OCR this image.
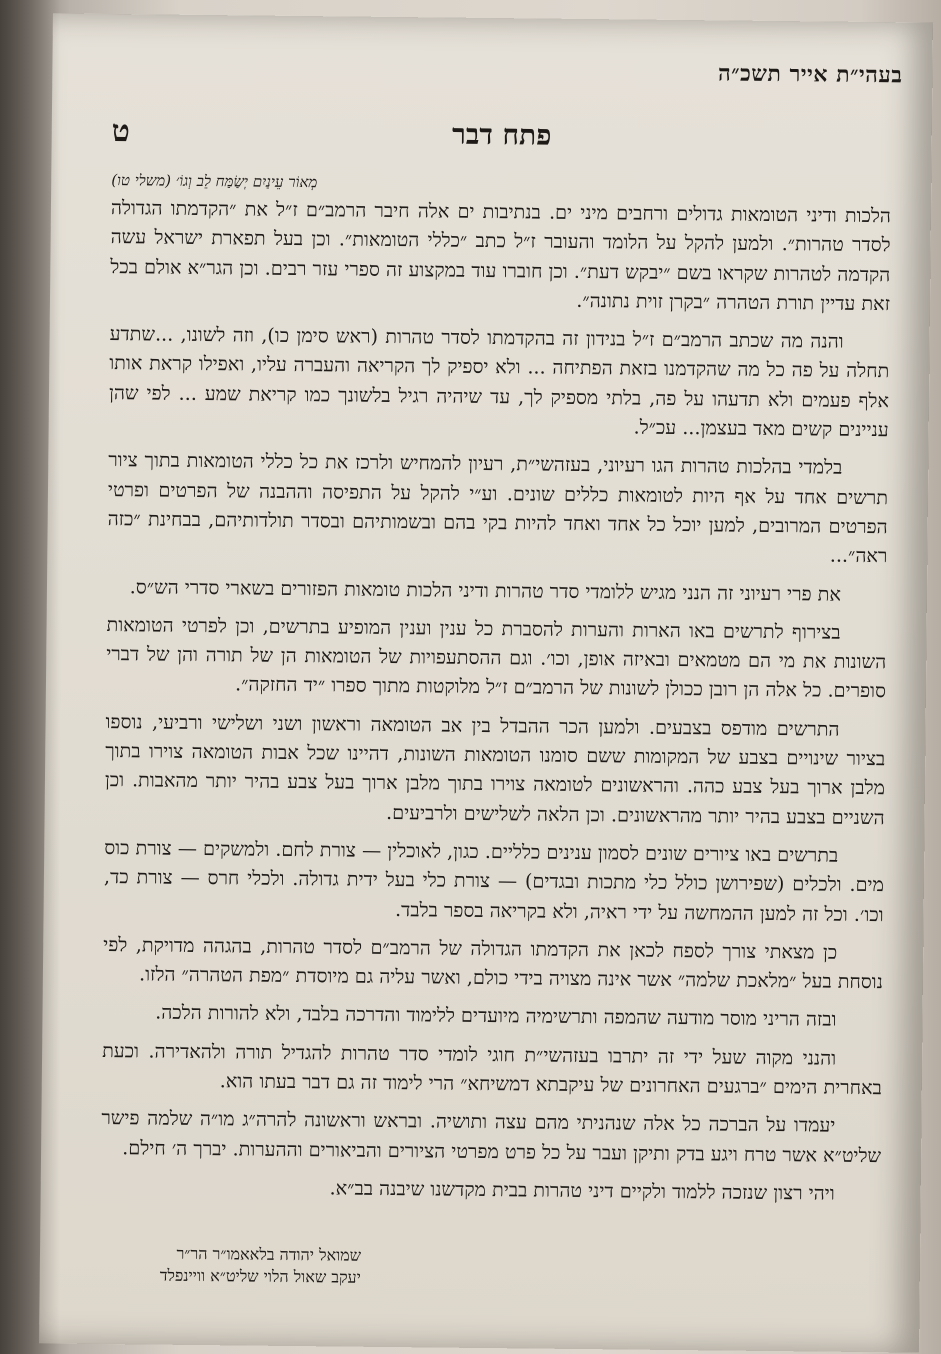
בעהי״ת אייר תשכ״ה
ט	פתח דבר

מְאוֹר עֵינַיִם יְשַׂמַּח לֵב וְגוֹ׳ (משלי טו)

הלכות ודיני הטומאות גדולים ורחבים מיני ים. בנתיבות ים אלה חיבר הרמב״ם ז״ל את ״הקדמתו הגדולה לסדר טהרות״. ולמען להקל על הלומד והעובר ז״ל כתב ״כללי הטומאות״. וכן בעל תפארת ישראל עשה הקדמה לטהרות שקראו בשם ״יבקש דעת״. וכן חוברו עוד במקצוע זה ספרי עזר רבים. וכן הגר״א אולם בכל זאת עדיין תורת הטהרה ״בקרן זוית נתונה״.

והנה מה שכתב הרמב״ם ז״ל בנידון זה בהקדמתו לסדר טהרות (ראש סימן כו), וזה לשונו, ...שתדע תחלה על פה כל מה שהקדמנו בזאת הפתיחה ... ולא יספיק לך הקריאה והעברה עליו, ואפילו קראת אותו אלף פעמים ולא תדעהו על פה, בלתי מספיק לך, עד שיהיה רגיל בלשונך כמו קריאת שמע ... לפי שהן עניינים קשים מאד בעצמן... עכ״ל.

בלמדי בהלכות טהרות הגו רעיוני, בעזהשי״ת, רעיון להמחיש ולרכז את כל כללי הטומאות בתוך ציור תרשים אחד על אף היות לטומאות כללים שונים. וע״י להקל על התפיסה וההבנה של הפרטים ופרטי הפרטים המרובים, למען יוכל כל אחד ואחד להיות בקי בהם ובשמותיהם ובסדר תולדותיהם, בבחינת ״כזה ראה״...

את פרי רעיוני זה הנני מגיש ללומדי סדר טהרות ודיני הלכות טומאות הפזורים בשארי סדרי הש״ס.

בצירוף לתרשים באו הארות והערות להסברת כל ענין וענין המופיע בתרשים, וכן לפרטי הטומאות השונות את מי הם מטמאים ובאיזה אופן, וכו׳. וגם ההסתעפויות של הטומאות הן של תורה והן של דברי סופרים. כל אלה הן רובן ככולן לשונות של הרמב״ם ז״ל מלוקטות מתוך ספרו ״יד החזקה״.

התרשים מודפס בצבעים. ולמען הכר ההבדל בין אב הטומאה וראשון ושני ושלישי ורביעי, נוספו בציור שינויים בצבע של המקומות ששם סומנו הטומאות השונות, דהיינו שכל אבות הטומאה צוירו בתוך מלבן ארוך בעל צבע כהה. והראשונים לטומאה צוירו בתוך מלבן ארוך בעל צבע בהיר יותר מהאבות. וכן השניים בצבע בהיר יותר מהראשונים. וכן הלאה לשלישים ולרביעים.

בתרשים באו ציורים שונים לסמון ענינים כלליים. כגון, לאוכלין — צורת לחם. ולמשקים — צורת כוס מים. ולכלים (שפירושן כולל כלי מתכות ובגדים) — צורת כלי בעל ידית גדולה. ולכלי חרס — צורת כד, וכו׳. וכל זה למען ההמחשה על ידי ראיה, ולא בקריאה בספר בלבד.

כן מצאתי צורך לספח לכאן את הקדמתו הגדולה של הרמב״ם לסדר טהרות, בהגהה מדויקת, לפי נוסחת בעל ״מלאכת שלמה״ אשר אינה מצויה בידי כולם, ואשר עליה גם מיוסדת ״מפת הטהרה״ הלזו.

ובזה הריני מוסר מודעה שהמפה ותרשימיה מיועדים ללימוד והדרכה בלבד, ולא להורות הלכה.

והנני מקוה שעל ידי זה יתרבו בעזהשי״ת חוגי לומדי סדר טהרות להגדיל תורה ולהאדירה. וכעת באחרית הימים ״ברגעים האחרונים של עיקבתא דמשיחא״ הרי לימוד זה גם דבר בעתו הוא.

יעמדו על הברכה כל אלה שנהניתי מהם עצה ותושיה. ובראש וראשונה להרה״ג מו״ה שלמה פישר שליט״א אשר טרח ויגע בדק ותיקן ועבר על כל פרט מפרטי הציורים והביאורים וההערות. יברך ה׳ חילם.

ויהי רצון שנזכה ללמוד ולקיים דיני טהרות בבית מקדשנו שיבנה בב״א.

שמואל יהודה בלאאמו״ר הר״ר
יעקב שאול הלוי שליט״א וויינפלד
